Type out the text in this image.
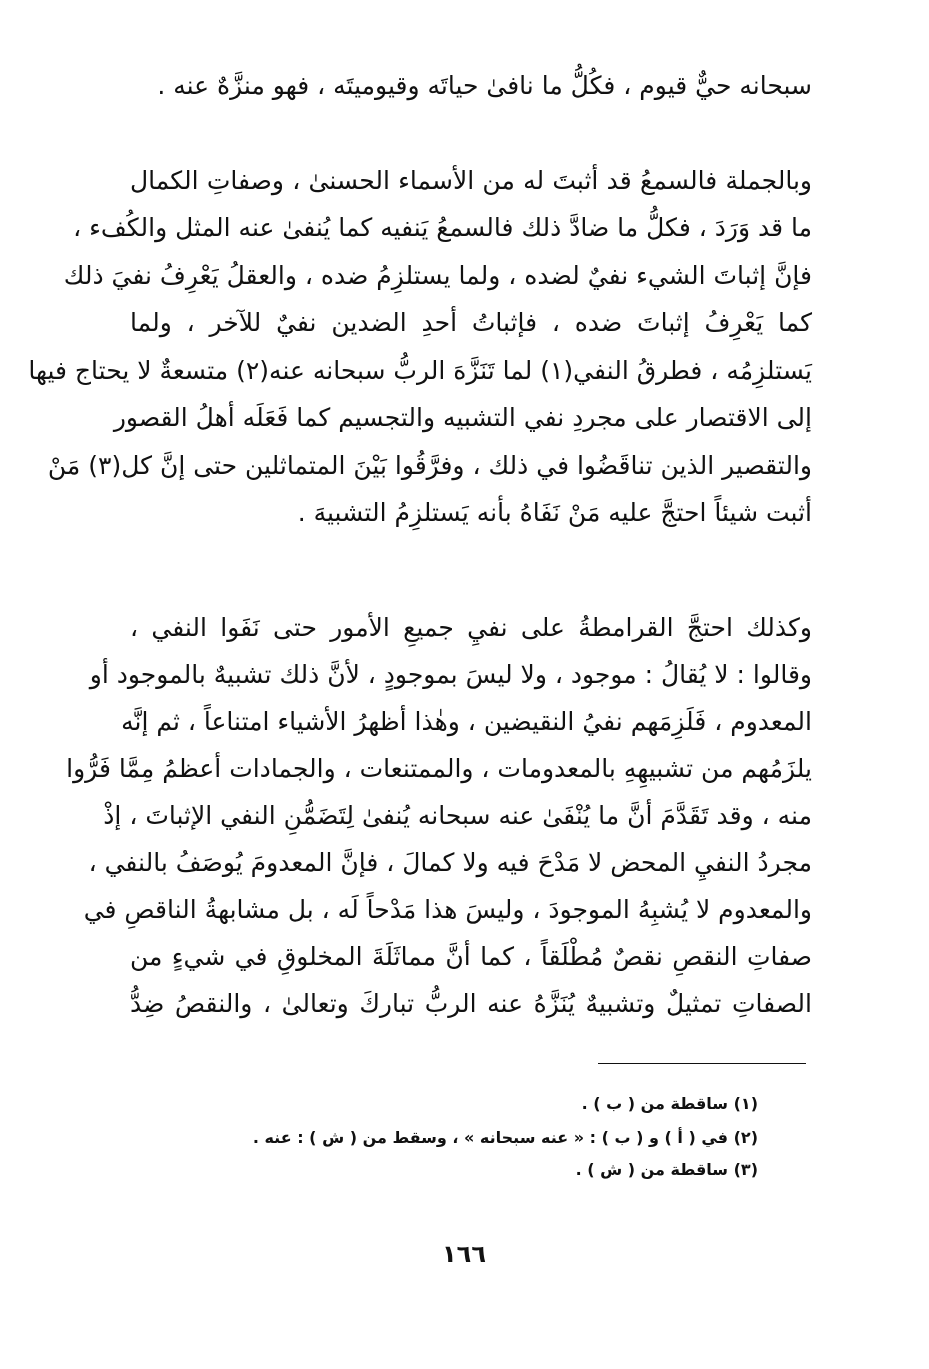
سبحانه حيٌّ قيوم ، فكُلُّ ما نافىٰ حياتَه وقيوميتَه ، فهو منزَّهٌ عنه .
وبالجملة فالسمعُ قد أثبتَ له من الأسماء الحسنىٰ ، وصفاتِ الكمال
ما قد وَرَدَ ، فكلُّ ما ضادَّ ذلك فالسمعُ يَنفيه كما يُنفىٰ عنه المثل والكُفء ،
فإنَّ إثباتَ الشيء نفيٌ لضده ، ولما يستلزِمُ ضده ، والعقلُ يَعْرِفُ نفيَ ذلك
كما يَعْرِفُ إثباتَ ضده ، فإثباتُ أحدِ الضدين نفيٌ للآخر ، ولما
يَستلزِمُه ، فطرقُ النفي(١) لما تَنَزَّهَ الربُّ سبحانه عنه(٢) متسعةٌ لا يحتاج فيها
إلى الاقتصار على مجردِ نفي التشبيه والتجسيم كما فَعَلَه أهلُ القصور
والتقصير الذين تناقَضُوا في ذلك ، وفرَّقُوا بَيْنَ المتماثلين حتى إنَّ كل(٣) مَنْ
أثبت شيئاً احتجَّ عليه مَنْ نَفَاهُ بأنه يَستلزِمُ التشبيهَ .
وكذلك احتجَّ القرامطةُ على نفيِ جميعِ الأمور حتى نَفَوا النفي ،
وقالوا : لا يُقالُ : موجود ، ولا ليسَ بموجودٍ ، لأنَّ ذلك تشبيهٌ بالموجود أو
المعدوم ، فَلَزِمَهم نفيُ النقيضين ، وهٰذا أظهرُ الأشياء امتناعاً ، ثم إنَّه
يلزَمُهم من تشبيهِهِ بالمعدومات ، والممتنعات ، والجمادات أعظمُ مِمَّا فَرُّوا
منه ، وقد تَقَدَّمَ أنَّ ما يُنْفَىٰ عنه سبحانه يُنفىٰ لِتَضَمُّنِ النفي الإثباتَ ، إذْ
مجردُ النفيِ المحض لا مَدْحَ فيه ولا كمالَ ، فإنَّ المعدومَ يُوصَفُ بالنفي ،
والمعدوم لا يُشبِهُ الموجودَ ، وليسَ هذا مَدْحاً لَه ، بل مشابهةُ الناقصِ في
صفاتِ النقصِ نقصٌ مُطْلَقاً ، كما أنَّ مماثَلَةَ المخلوقِ في شيءٍ من
الصفاتِ تمثيلٌ وتشبيهٌ يُنَزَّهُ عنه الربُّ تباركَ وتعالىٰ ، والنقصُ ضِدُّ
(١) ساقطة من ( ب ) .
(٢) في ( أ ) و ( ب ) : « عنه سبحانه » ، وسقط من ( ش ) : عنه .
(٣) ساقطة من ( ش ) .
١٦٦
